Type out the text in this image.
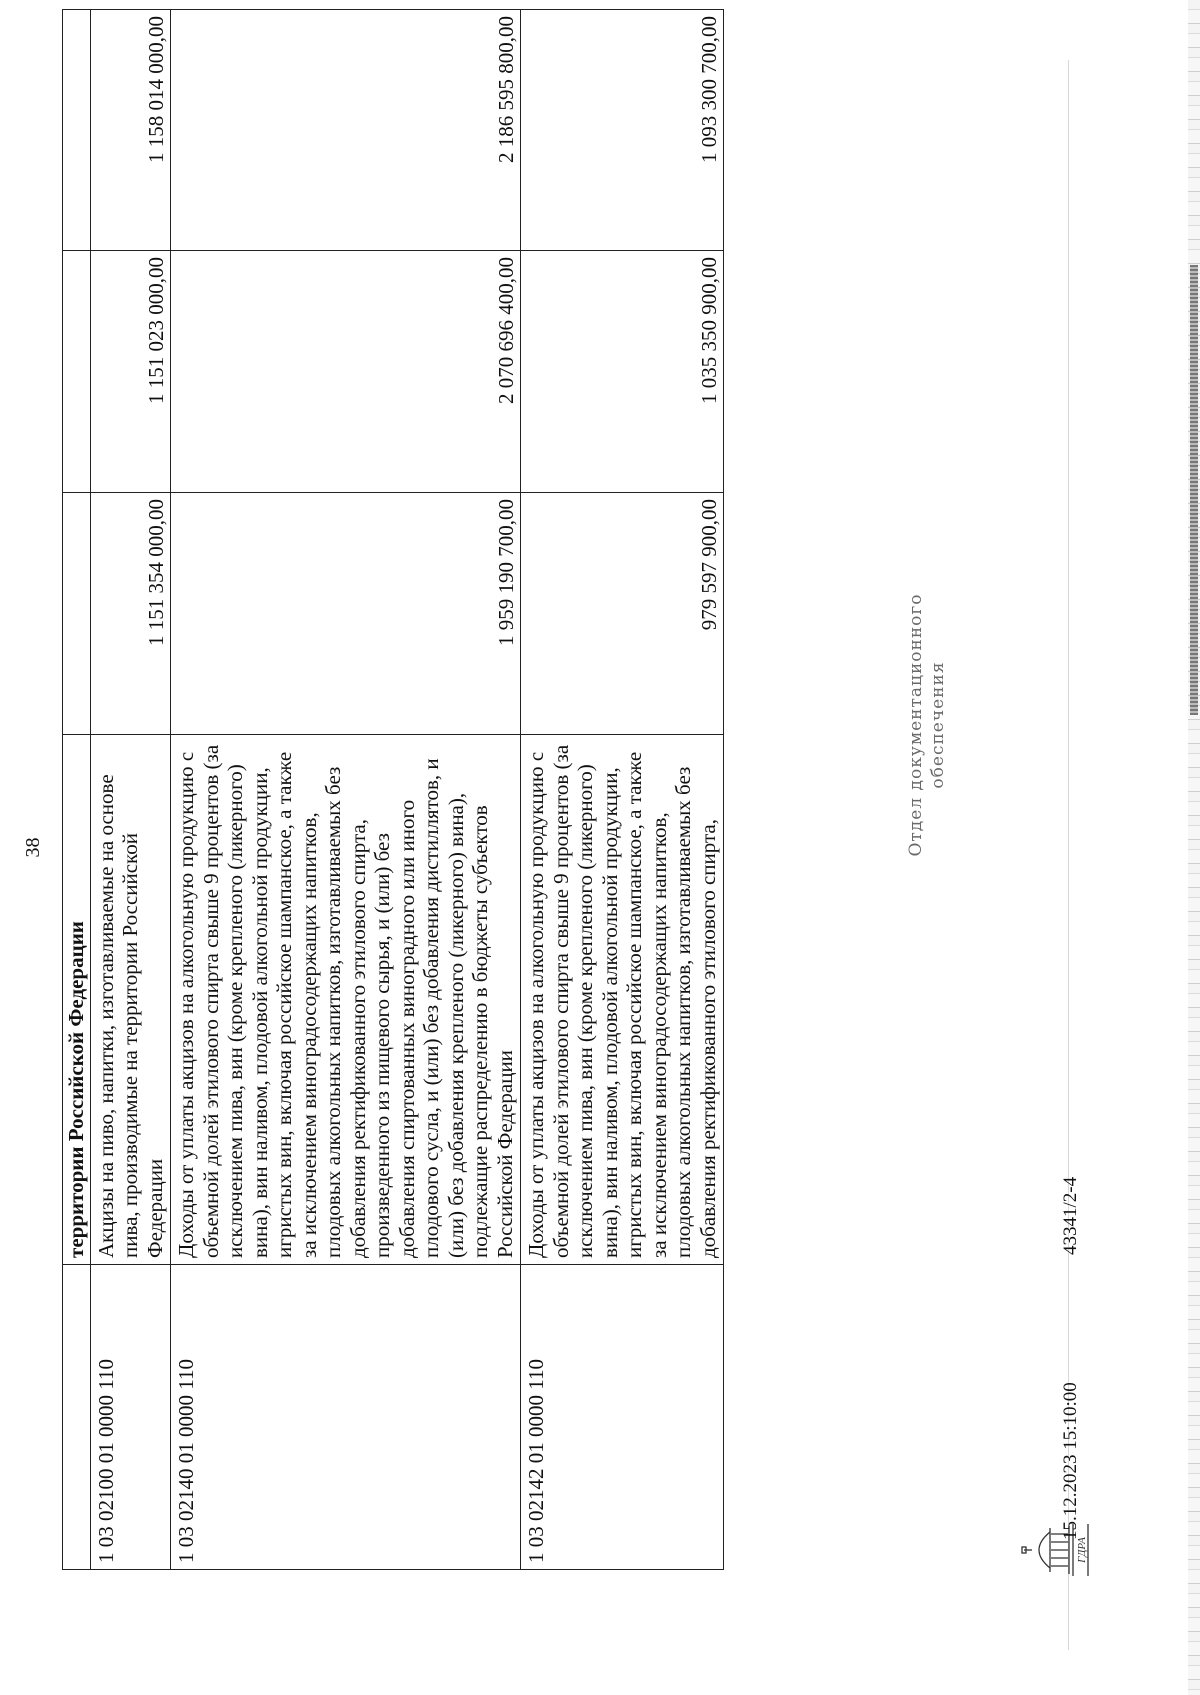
38
	территории Российской Федерации			
1 03 02100 01 0000 110	Акцизы на пиво, напитки, изготавливаемые на основе пива, производимые на территории Российской Федерации	1 151 354 000,00	1 151 023 000,00	1 158 014 000,00
1 03 02140 01 0000 110	Доходы от уплаты акцизов на алкогольную продукцию с объемной долей этилового спирта свыше 9 процентов (за исключением пива, вин (кроме крепленого (ликерного) вина), вин наливом, плодовой алкогольной продукции, игристых вин, включая российское шампанское, а также за исключением виноградосодержащих напитков, плодовых алкогольных напитков, изготавливаемых без добавления ректификованного этилового спирта, произведенного из пищевого сырья, и (или) без добавления спиртованных виноградного или иного плодового сусла, и (или) без добавления дистиллятов, и (или) без добавления крепленого (ликерного) вина), подлежащие распределению в бюджеты субъектов Российской Федерации	1 959 190 700,00	2 070 696 400,00	2 186 595 800,00
1 03 02142 01 0000 110	Доходы от уплаты акцизов на алкогольную продукцию с объемной долей этилового спирта свыше 9 процентов (за исключением пива, вин (кроме крепленого (ликерного) вина), вин наливом, плодовой алкогольной продукции, игристых вин, включая российское шампанское, а также за исключением виноградосодержащих напитков, плодовых алкогольных напитков, изготавливаемых без добавления ректификованного этилового спирта,	979 597 900,00	1 035 350 900,00	1 093 300 700,00
ГДРА
15.12.2023 15:10:00
43341/2-4
Отдел документационного обеспечения
